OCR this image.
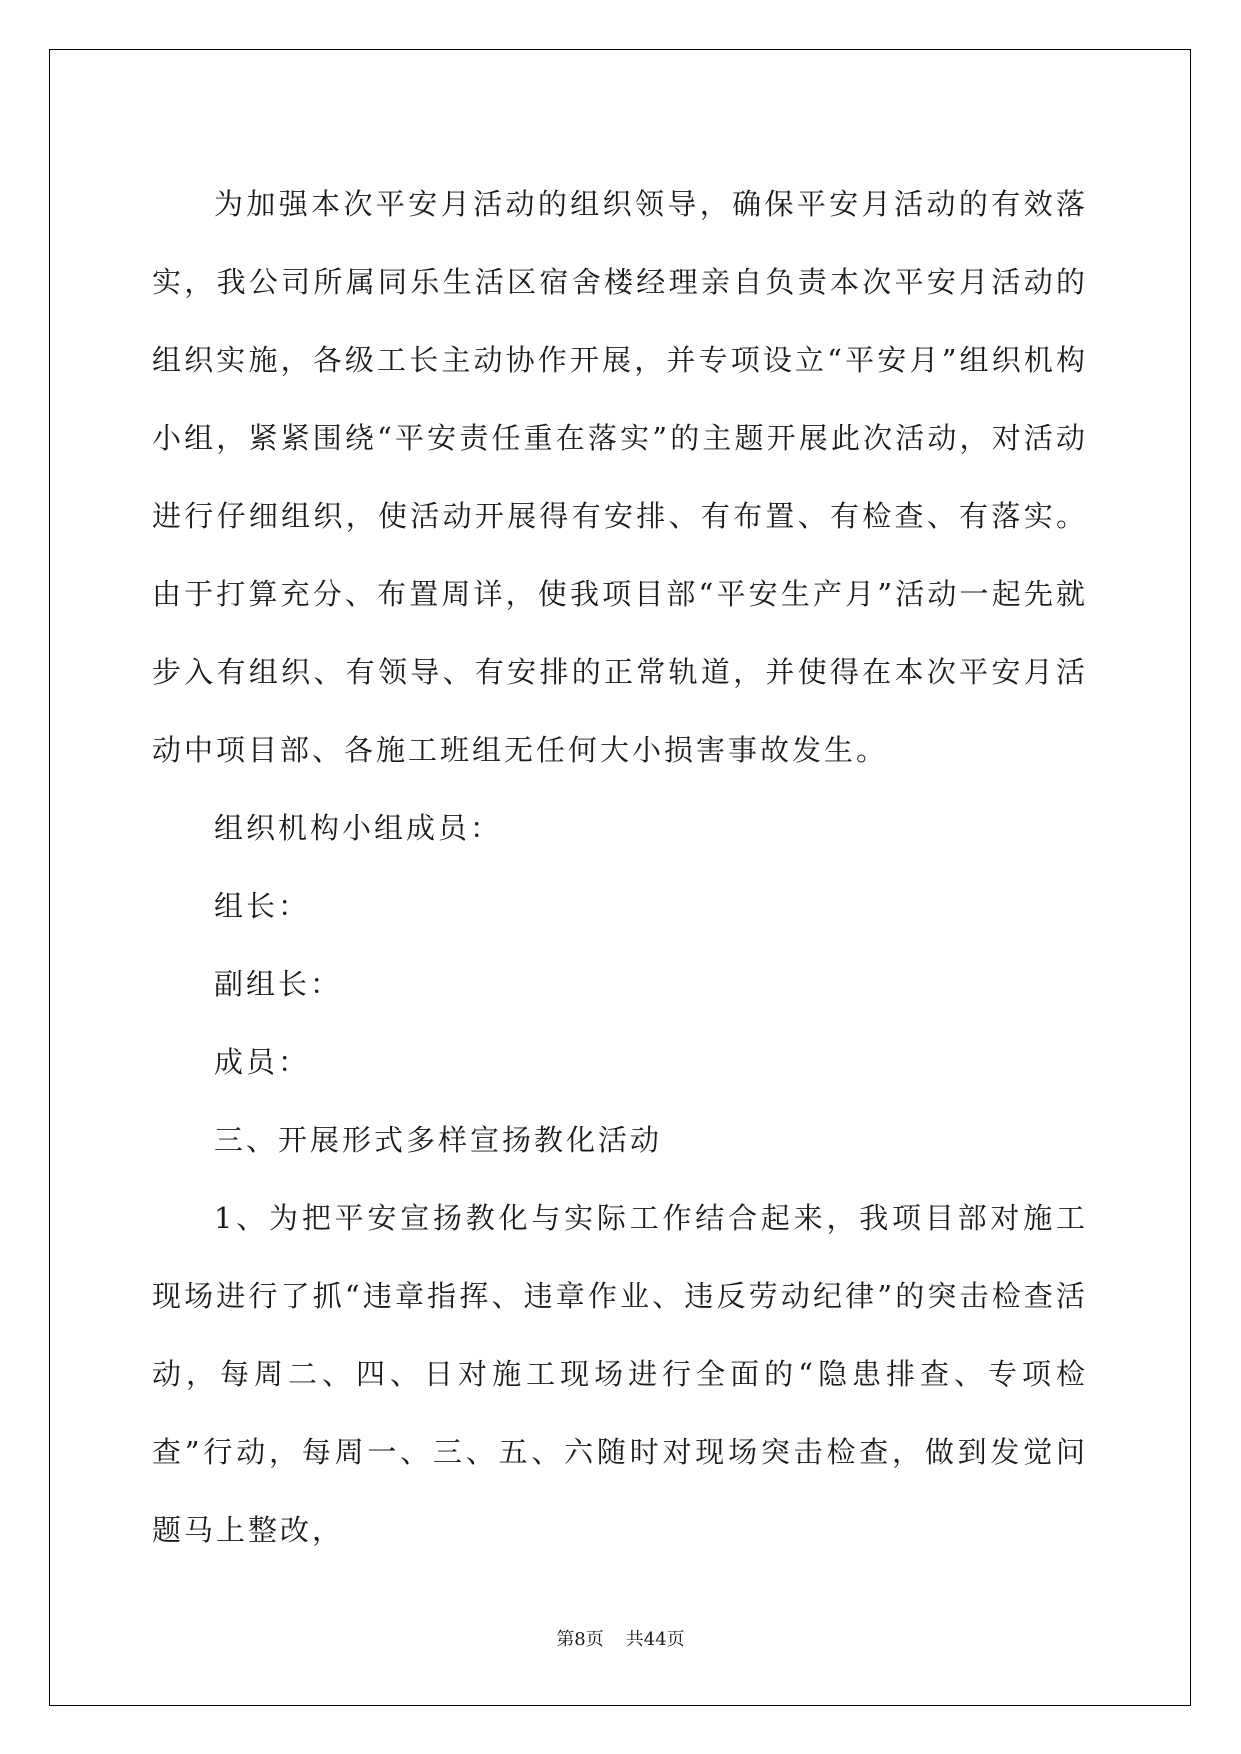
为加强本次平安月活动的组织领导，确保平安月活动的有效落实，我公司所属同乐生活区宿舍楼经理亲自负责本次平安月活动的组织实施，各级工长主动协作开展，并专项设立“平安月”组织机构小组，紧紧围绕“平安责任重在落实”的主题开展此次活动，对活动进行仔细组织，使活动开展得有安排、有布置、有检查、有落实。由于打算充分、布置周详，使我项目部“平安生产月”活动一起先就步入有组织、有领导、有安排的正常轨道，并使得在本次平安月活动中项目部、各施工班组无任何大小损害事故发生。

组织机构小组成员：

组长：

副组长：

成员：

三、开展形式多样宣扬教化活动

1、为把平安宣扬教化与实际工作结合起来，我项目部对施工现场进行了抓“违章指挥、违章作业、违反劳动纪律”的突击检查活动，每周二、四、日对施工现场进行全面的“隐患排查、专项检查”行动，每周一、三、五、六随时对现场突击检查，做到发觉问题马上整改，

第8页 共44页
